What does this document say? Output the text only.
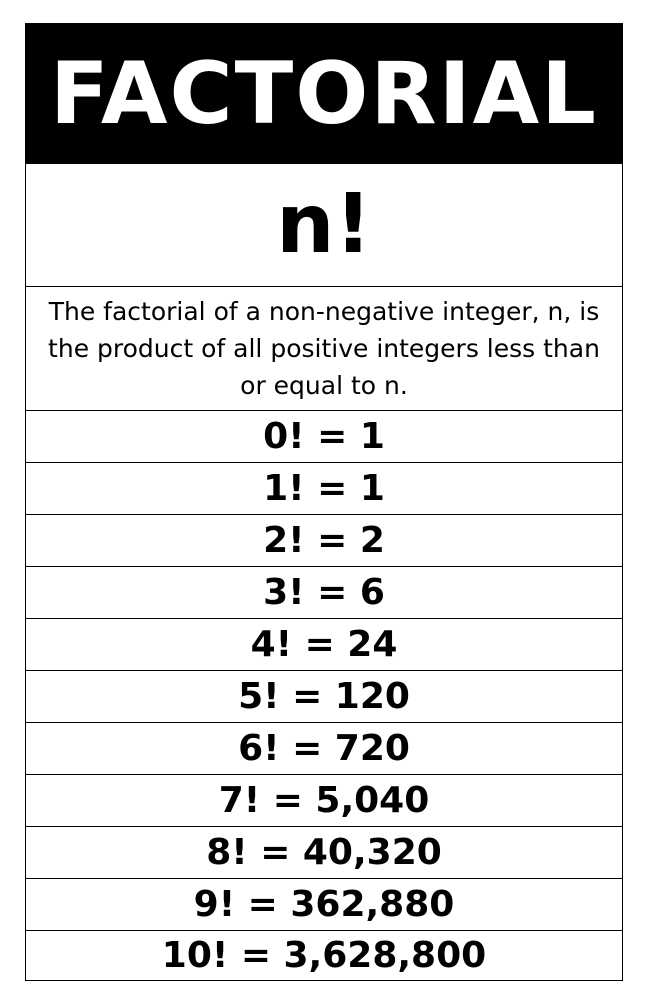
FACTORIAL
n!
The factorial of a non-negative integer, n, is the product of all positive integers less than or equal to n.
0! = 1
1! = 1
2! = 2
3! = 6
4! = 24
5! = 120
6! = 720
7! = 5,040
8! = 40,320
9! = 362,880
10! = 3,628,800
